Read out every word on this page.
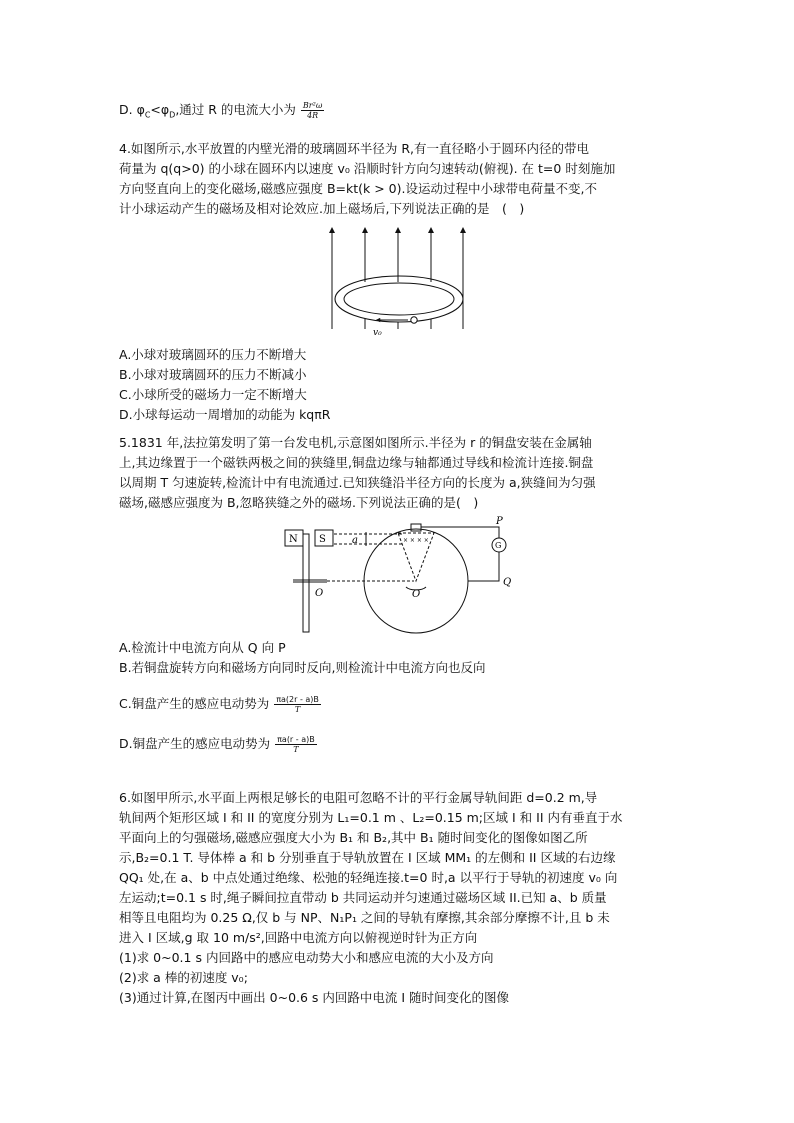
D. $\varphi_C<\varphi_D$,通过 R 的电流大小为 $\frac{\text{Br²ω}}{4R}$
4.如图所示,水平放置的内壁光滑的玻璃圆环半径为 R,有一直径略小于圆环内径的带电
荷量为 q(q>0) 的小球在圆环内以速度 v₀ 沿顺时针方向匀速转动(俯视). 在 t=0 时刻施加
方向竖直向上的变化磁场,磁感应强度 B=kt(k > 0).设运动过程中小球带电荷量不变,不
计小球运动产生的磁场及相对论效应.加上磁场后,下列说法正确的是　(　)
v₀
A.小球对玻璃圆环的压力不断增大
B.小球对玻璃圆环的压力不断减小
C.小球所受的磁场力一定不断增大
D.小球每运动一周增加的动能为 kqπR
5.1831 年,法拉第发明了第一台发电机,示意图如图所示.半径为 r 的铜盘安装在金属轴
上,其边缘置于一个磁铁两极之间的狭缝里,铜盘边缘与轴都通过导线和检流计连接.铜盘
以周期 T 匀速旋转,检流计中有电流通过.已知狭缝沿半径方向的长度为 a,狭缝间为匀强
磁场,磁感应强度为 B,忽略狭缝之外的磁场.下列说法正确的是(　)
N S	a	× × × ×
P
Q
G
O	O
A.检流计中电流方向从 Q 向 P
B.若铜盘旋转方向和磁场方向同时反向,则检流计中电流方向也反向
C.铜盘产生的感应电动势为 $\frac{\pi a(2r - a)B}{T}$
D.铜盘产生的感应电动势为 $\frac{\pi a(r - a)B}{T}$
6.如图甲所示,水平面上两根足够长的电阻可忽略不计的平行金属导轨间距 d=0.2 m,导
轨间两个矩形区域 I 和 II 的宽度分别为 L₁=0.1 m 、L₂=0.15 m;区域 I 和 II 内有垂直于水
平面向上的匀强磁场,磁感应强度大小为 B₁ 和 B₂,其中 B₁ 随时间变化的图像如图乙所
示,B₂=0.1 T. 导体棒 a 和 b 分别垂直于导轨放置在 I 区域 MM₁ 的左侧和 II 区域的右边缘
QQ₁ 处,在 a、b 中点处通过绝缘、松弛的轻绳连接.t=0 时,a 以平行于导轨的初速度 v₀ 向
左运动;t=0.1 s 时,绳子瞬间拉直带动 b 共同运动并匀速通过磁场区域 II.已知 a、b 质量
相等且电阻均为 0.25 Ω,仅 b 与 NP、N₁P₁ 之间的导轨有摩擦,其余部分摩擦不计,且 b 未
进入 I 区域,g 取 10 m/s²,回路中电流方向以俯视逆时针为正方向
(1)求 0~0.1 s 内回路中的感应电动势大小和感应电流的大小及方向
(2)求 a 棒的初速度 v₀;
(3)通过计算,在图丙中画出 0~0.6 s 内回路中电流 I 随时间变化的图像
